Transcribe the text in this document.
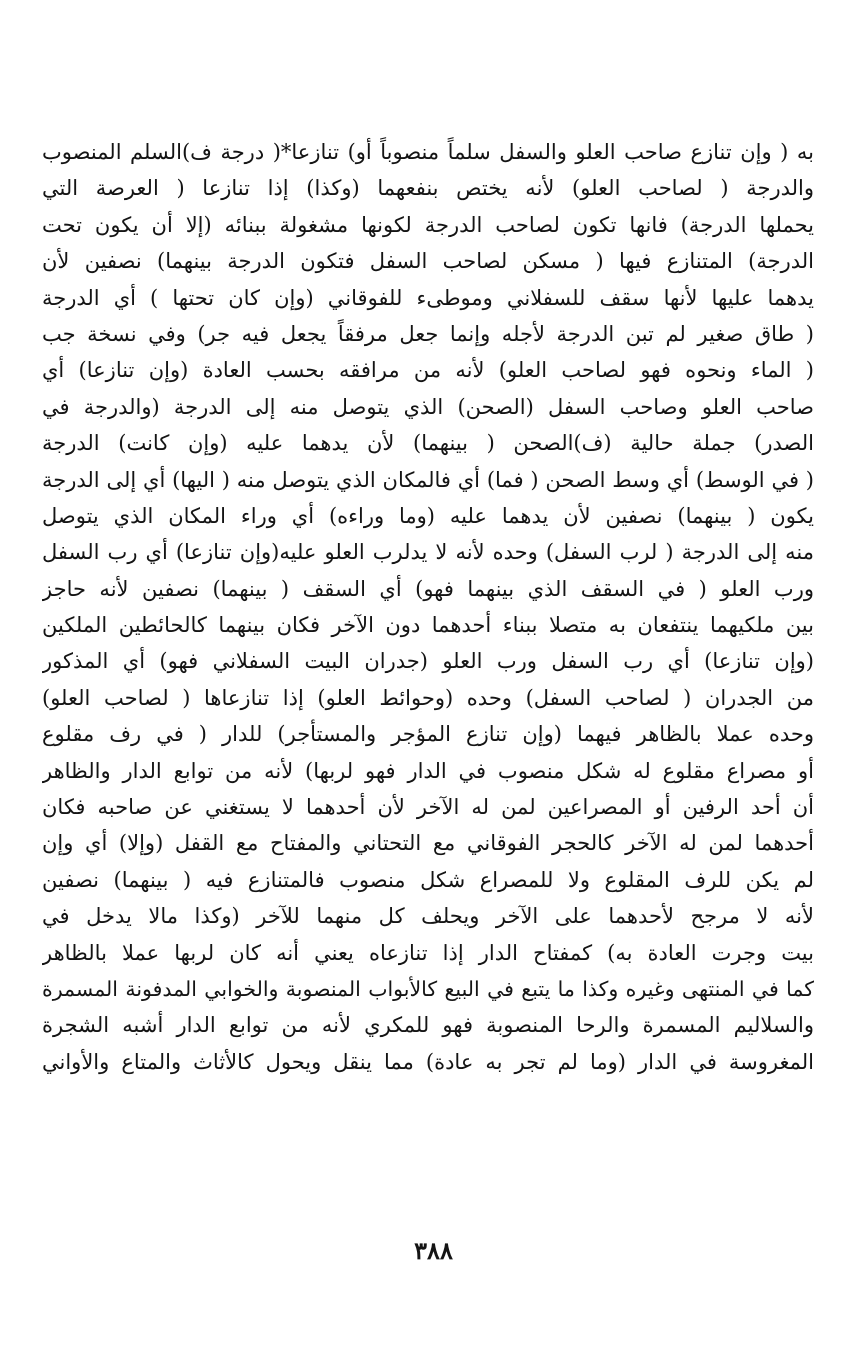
به ( وإن تنازع صاحب العلو والسفل سلماً منصوباً أو) تنازعا*( درجة ف)السلم المنصوب
والدرجة ( لصاحب العلو) لأنه يختص بنفعهما (وكذا) إذا تنازعا ( العرصة التي
يحملها الدرجة) فانها تكون لصاحب الدرجة لكونها مشغولة ببنائه (إلا أن يكون تحت
الدرجة) المتنازع فيها ( مسكن لصاحب السفل فتكون الدرجة بينهما) نصفين لأن
يدهما عليها لأنها سقف للسفلاني وموطىء للفوقاني (وإن كان تحتها ) أي الدرجة
( طاق صغير لم تبن الدرجة لأجله وإنما جعل مرفقاً يجعل فيه جر) وفي نسخة جب
( الماء ونحوه فهو لصاحب العلو) لأنه من مرافقه بحسب العادة (وإن تنازعا) أي
صاحب العلو وصاحب السفل (الصحن) الذي يتوصل منه إلى الدرجة (والدرجة في
الصدر) جملة حالية (ف)الصحن ( بينهما) لأن يدهما عليه (وإن كانت) الدرجة
( في الوسط) أي وسط الصحن ( فما) أي فالمكان الذي يتوصل منه ( اليها) أي إلى الدرجة
يكون ( بينهما) نصفين لأن يدهما عليه (وما وراءه) أي وراء المكان الذي يتوصل
منه إلى الدرجة ( لرب السفل) وحده لأنه لا يدلرب العلو عليه(وإن تنازعا) أي رب السفل
ورب العلو ( في السقف الذي بينهما فهو) أي السقف ( بينهما) نصفين لأنه حاجز
بين ملكيهما ينتفعان به متصلا ببناء أحدهما دون الآخر فكان بينهما كالحائطين الملكين
(وإن تنازعا) أي رب السفل ورب العلو (جدران البيت السفلاني فهو) أي المذكور
من الجدران ( لصاحب السفل) وحده (وحوائط العلو) إذا تنازعاها ( لصاحب العلو)
وحده عملا بالظاهر فيهما (وإن تنازع المؤجر والمستأجر) للدار ( في رف مقلوع
أو مصراع مقلوع له شكل منصوب في الدار فهو لربها) لأنه من توابع الدار والظاهر
أن أحد الرفين أو المصراعين لمن له الآخر لأن أحدهما لا يستغني عن صاحبه فكان
أحدهما لمن له الآخر كالحجر الفوقاني مع التحتاني والمفتاح مع القفل (وإلا) أي وإن
لم يكن للرف المقلوع ولا للمصراع شكل منصوب فالمتنازع فيه ( بينهما) نصفين
لأنه لا مرجح لأحدهما على الآخر ويحلف كل منهما للآخر (وكذا مالا يدخل في
بيت وجرت العادة به) كمفتاح الدار إذا تنازعاه يعني أنه كان لربها عملا بالظاهر
كما في المنتهى وغيره وكذا ما يتبع في البيع كالأبواب المنصوبة والخوابي المدفونة المسمرة
والسلاليم المسمرة والرحا المنصوبة فهو للمكري لأنه من توابع الدار أشبه الشجرة
المغروسة في الدار (وما لم تجر به عادة) مما ينقل ويحول كالأثاث والمتاع والأواني
٣٨٨
